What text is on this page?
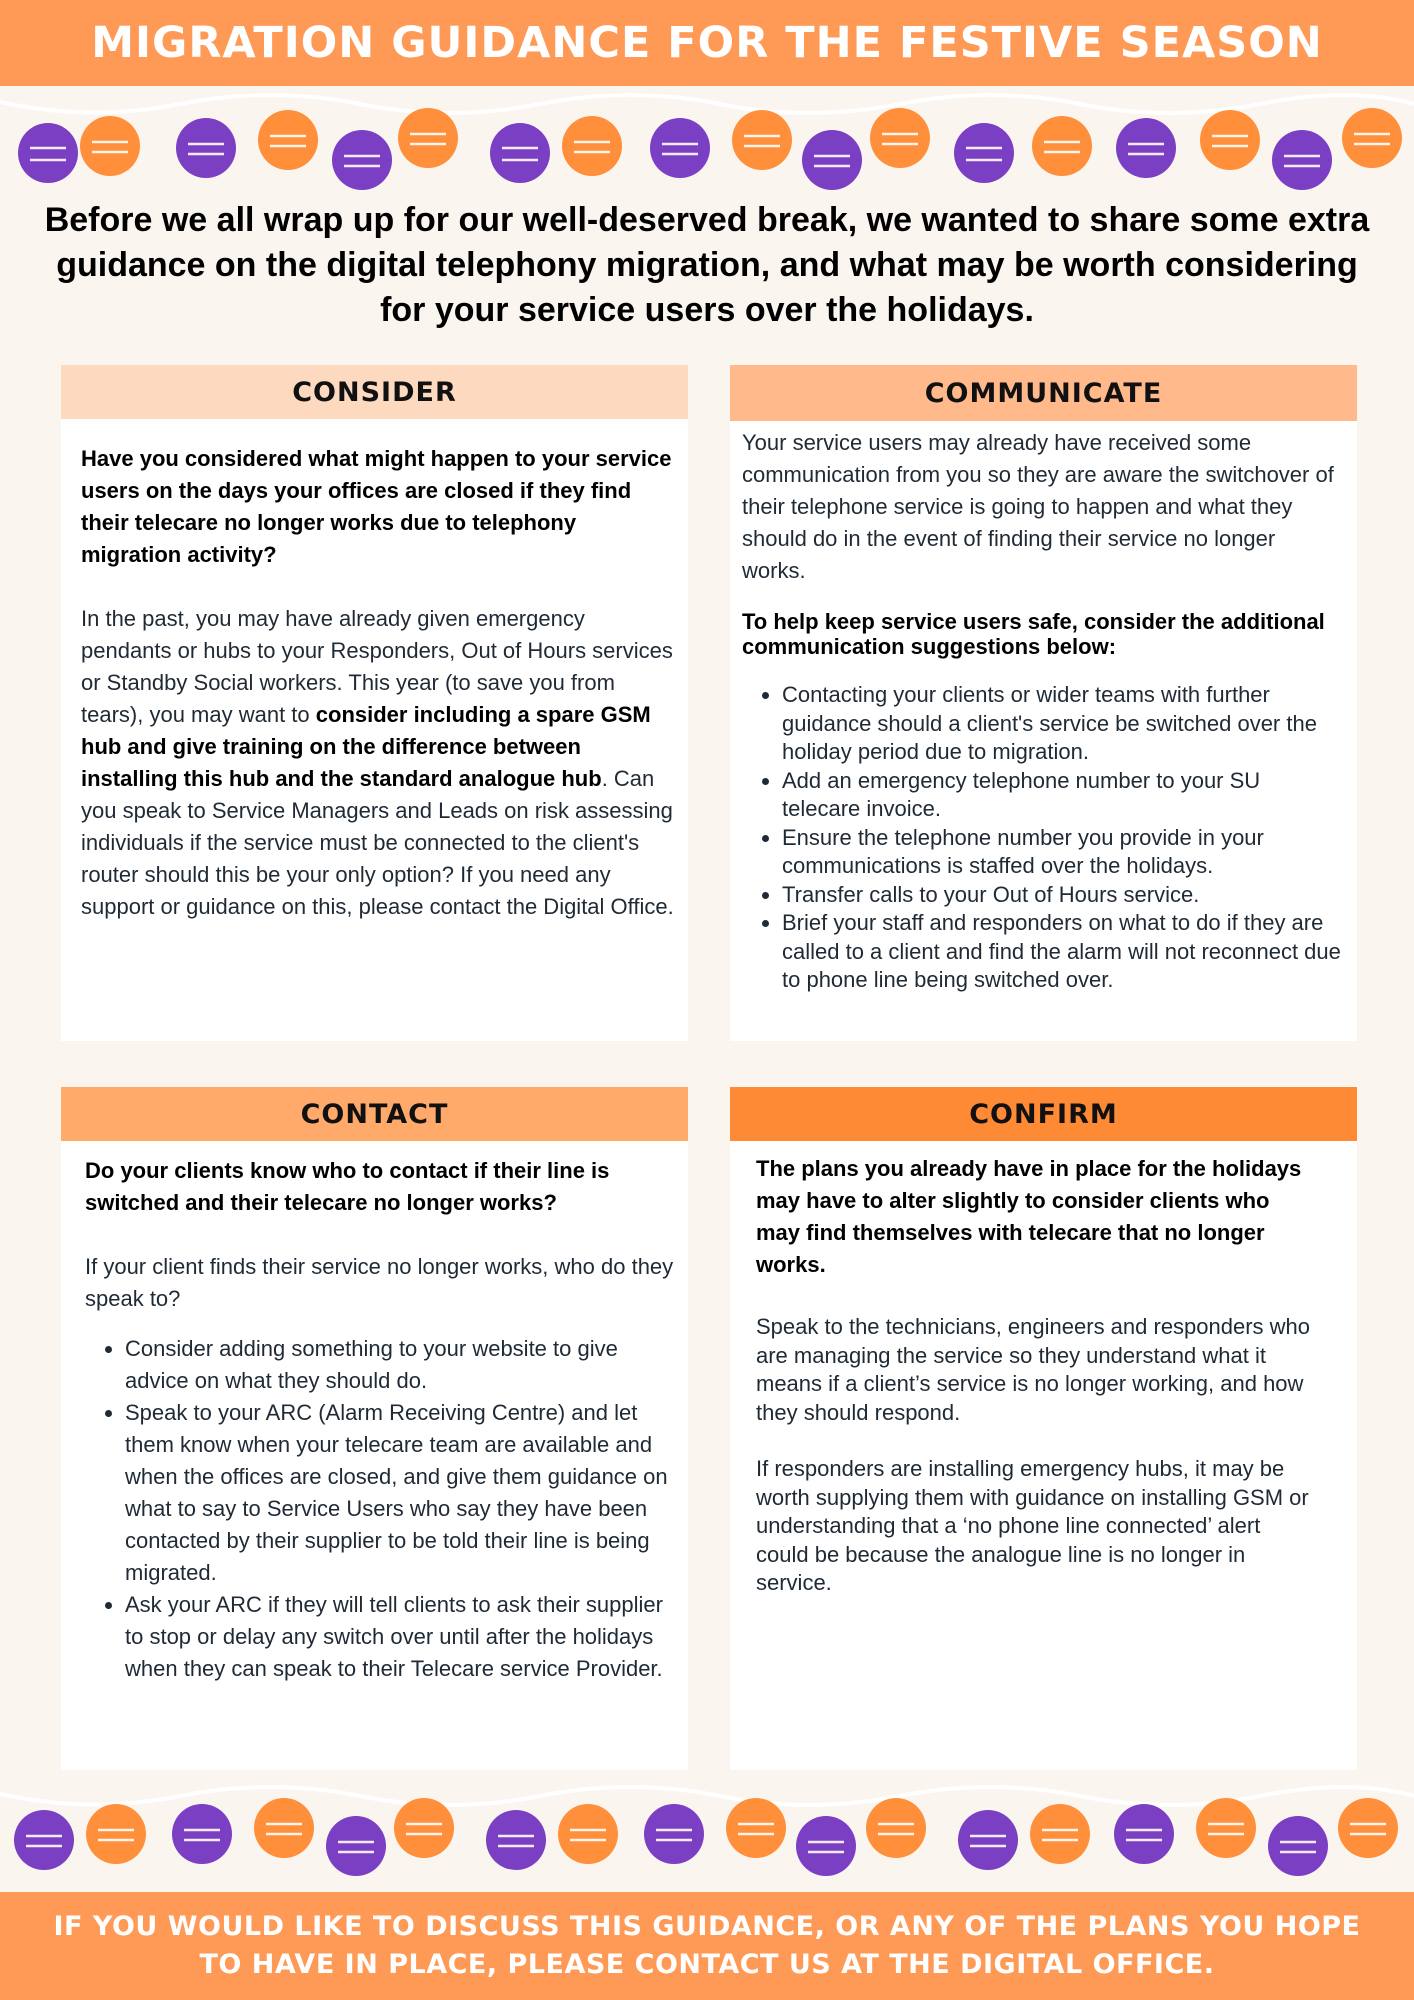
MIGRATION GUIDANCE FOR THE FESTIVE SEASON
Before we all wrap up for our well-deserved break, we wanted to share some extra guidance on the digital telephony migration, and what may be worth considering for your service users over the holidays.
CONSIDER

Have you considered what might happen to your service users on the days your offices are closed if they find their telecare no longer works due to telephony migration activity?

In the past, you may have already given emergency pendants or hubs to your Responders, Out of Hours services or Standby Social workers. This year (to save you from tears), you may want to consider including a spare GSM hub and give training on the difference between installing this hub and the standard analogue hub. Can you speak to Service Managers and Leads on risk assessing individuals if the service must be connected to the client's router should this be your only option? If you need any support or guidance on this, please contact the Digital Office.

COMMUNICATE

Your service users may already have received some communication from you so they are aware the switchover of their telephone service is going to happen and what they should do in the event of finding their service no longer works.

To help keep service users safe, consider the additional communication suggestions below:

• Contacting your clients or wider teams with further guidance should a client's service be switched over the holiday period due to migration.
• Add an emergency telephone number to your SU telecare invoice.
• Ensure the telephone number you provide in your communications is staffed over the holidays.
• Transfer calls to your Out of Hours service.
• Brief your staff and responders on what to do if they are called to a client and find the alarm will not reconnect due to phone line being switched over.
CONTACT

Do your clients know who to contact if their line is switched and their telecare no longer works?

If your client finds their service no longer works, who do they speak to?

• Consider adding something to your website to give advice on what they should do.
• Speak to your ARC (Alarm Receiving Centre) and let them know when your telecare team are available and when the offices are closed, and give them guidance on what to say to Service Users who say they have been contacted by their supplier to be told their line is being migrated.
• Ask your ARC if they will tell clients to ask their supplier to stop or delay any switch over until after the holidays when they can speak to their Telecare service Provider.
CONFIRM

The plans you already have in place for the holidays may have to alter slightly to consider clients who may find themselves with telecare that no longer works.

Speak to the technicians, engineers and responders who are managing the service so they understand what it means if a client’s service is no longer working, and how they should respond.

If responders are installing emergency hubs, it may be worth supplying them with guidance on installing GSM or understanding that a ‘no phone line connected’ alert could be because the analogue line is no longer in service.

IF YOU WOULD LIKE TO DISCUSS THIS GUIDANCE, OR ANY OF THE PLANS YOU HOPE TO HAVE IN PLACE, PLEASE CONTACT US AT THE DIGITAL OFFICE.
